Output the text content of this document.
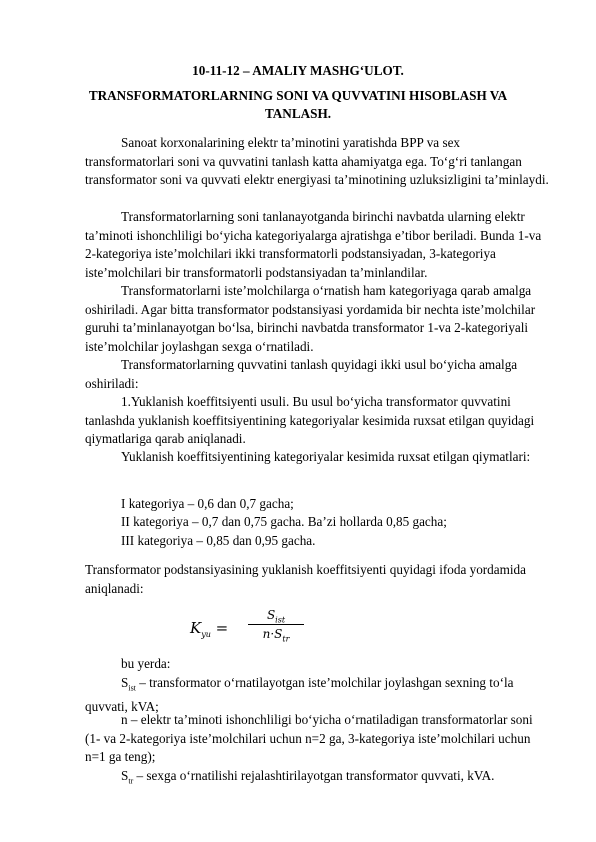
10-11-12 – AMALIY MASHG‘ULOT.
TRANSFORMATORLARNING SONI VA QUVVATINI HISOBLASH VA
TANLASH.
Sanoat korxonalarining elektr ta’minotini yaratishda BPP va sex transformatorlari soni va quvvatini tanlash katta ahamiyatga ega. To‘g‘ri tanlangan transformator soni va quvvati elektr energiyasi ta’minotining uzluksizligini ta’minlaydi.
Transformatorlarning soni tanlanayotganda birinchi navbatda ularning elektr ta’minoti ishonchliligi bo‘yicha kategoriyalarga ajratishga e’tibor beriladi. Bunda 1-va 2-kategoriya iste’molchilari ikki transformatorli podstansiyadan, 3-kategoriya iste’molchilari bir transformatorli podstansiyadan ta’minlandilar.
Transformatorlarni iste’molchilarga o‘rnatish ham kategoriyaga qarab amalga oshiriladi. Agar bitta transformator podstansiyasi yordamida bir nechta iste’molchilar guruhi ta’minlanayotgan bo‘lsa, birinchi navbatda transformator 1-va 2-kategoriyali iste’molchilar joylashgan sexga o‘rnatiladi.
Transformatorlarning quvvatini tanlash quyidagi ikki usul bo‘yicha amalga oshiriladi:
1.Yuklanish koeffitsiyenti usuli. Bu usul bo‘yicha transformator quvvatini tanlashda yuklanish koeffitsiyentining kategoriyalar kesimida ruxsat etilgan quyidagi qiymatlariga qarab aniqlanadi.
Yuklanish koeffitsiyentining kategoriyalar kesimida ruxsat etilgan qiymatlari:
I kategoriya – 0,6 dan 0,7 gacha;
II kategoriya – 0,7 dan 0,75 gacha. Ba’zi hollarda 0,85 gacha;
III kategoriya – 0,85 dan 0,95 gacha.
Transformator podstansiyasining yuklanish koeffitsiyenti quyidagi ifoda yordamida aniqlanadi:
$K_{yu}$ =
$S_{ist}$
$n\cdot S_{tr}$
bu yerda:
$S_{ist}$ – transformator o‘rnatilayotgan iste’molchilar joylashgan sexning to‘la quvvati, kVA;
n – elektr ta’minoti ishonchliligi bo‘yicha o‘rnatiladigan transformatorlar soni (1- va 2-kategoriya iste’molchilari uchun n=2 ga, 3-kategoriya iste’molchilari uchun n=1 ga teng);
$S_{tr}$ – sexga o‘rnatilishi rejalashtirilayotgan transformator quvvati, kVA.
